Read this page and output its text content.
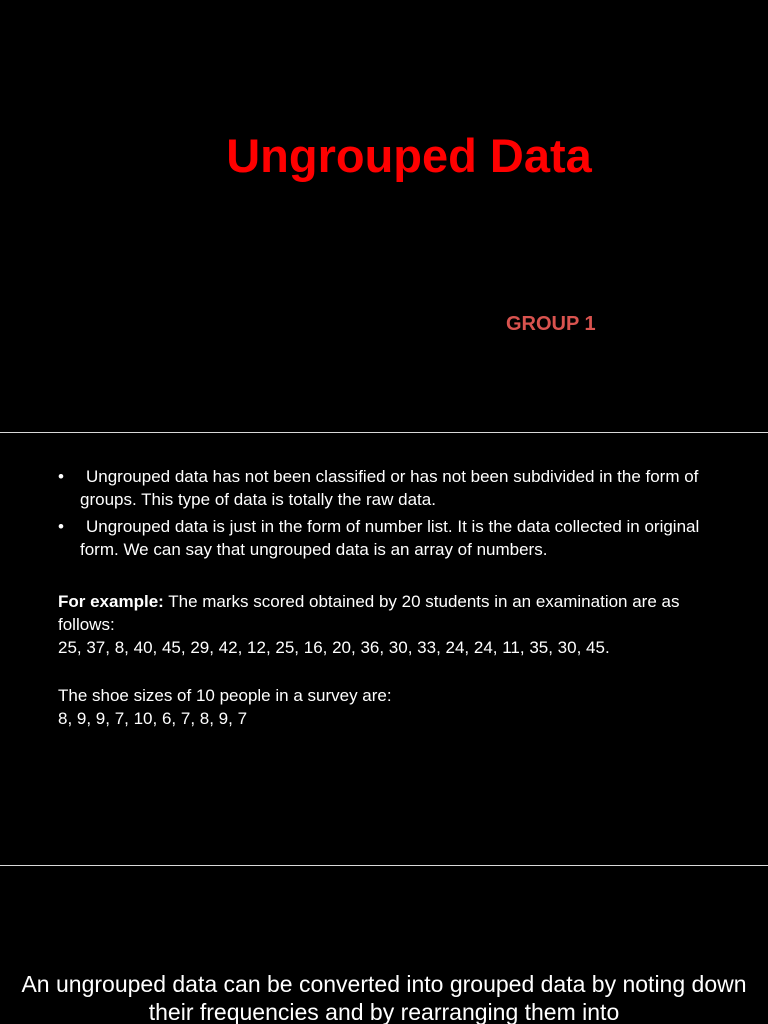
Ungrouped Data

GROUP 1

•	Ungrouped data has not been classified or has not been subdivided in the form of groups. This type of data is totally the raw data.
•	Ungrouped data is just in the form of number list. It is the data collected in original form. We can say that ungrouped data is an array of numbers.
For example: The marks scored obtained by 20 students in an examination are as follows:
25, 37, 8, 40, 45, 29, 42, 12, 25, 16, 20, 36, 30, 33, 24, 24, 11, 35, 30, 45.
The shoe sizes of 10 people in a survey are:
8, 9, 9, 7, 10, 6, 7, 8, 9, 7

An ungrouped data can be converted into grouped data by noting down their frequencies and by rearranging them into
